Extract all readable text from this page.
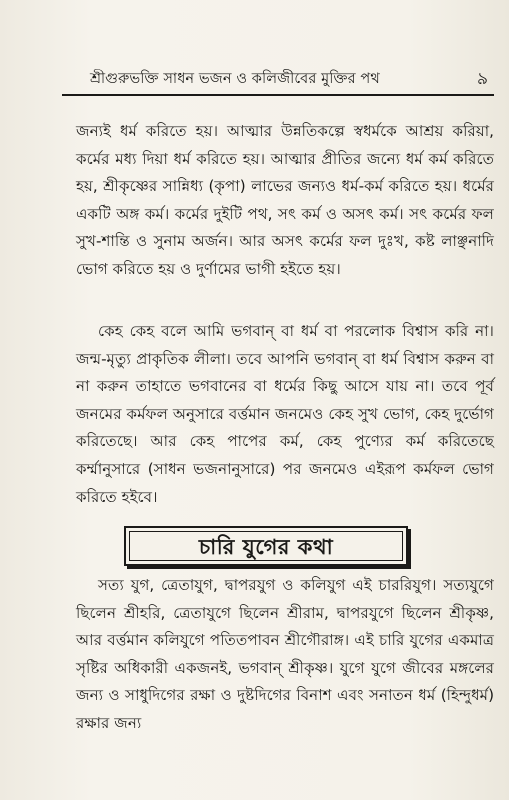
শ্রীগুরুভক্তি সাধন ভজন ও কলিজীবের মুক্তির পথ	৯

জন্যই ধর্ম করিতে হয়। আত্মার উন্নতিকল্পে স্বধর্মকে আশ্রয় করিয়া, কর্মের মধ্য দিয়া ধর্ম করিতে হয়। আত্মার প্রীতির জন্যে ধর্ম কর্ম করিতে হয়, শ্রীকৃষ্ণের সান্নিধ্য (কৃপা) লাভের জন্যও ধর্ম-কর্ম করিতে হয়। ধর্মের একটি অঙ্গ কর্ম। কর্মের দুইটি পথ, সৎ কর্ম ও অসৎ কর্ম। সৎ কর্মের ফল সুখ-শান্তি ও সুনাম অর্জন। আর অসৎ কর্মের ফল দুঃখ, কষ্ট লাঞ্ছনাদি ভোগ করিতে হয় ও দুর্ণামের ভাগী হইতে হয়।

কেহ কেহ বলে আমি ভগবান্ বা ধর্ম বা পরলোক বিশ্বাস করি না। জন্ম-মৃত্যু প্রাকৃতিক লীলা। তবে আপনি ভগবান্ বা ধর্ম বিশ্বাস করুন বা না করুন তাহাতে ভগবানের বা ধর্মের কিছু আসে যায় না। তবে পূর্ব জনমের কর্মফল অনুসারে বর্ত্তমান জনমেও কেহ সুখ ভোগ, কেহ দুর্ভোগ করিতেছে। আর কেহ পাপের কর্ম, কেহ পুণ্যের কর্ম করিতেছে কর্ম্মানুসারে (সাধন ভজনানুসারে) পর জনমেও এইরূপ কর্মফল ভোগ করিতে হইবে।

চারি যুগের কথা

সত্য যুগ, ত্রেতাযুগ, দ্বাপরযুগ ও কলিযুগ এই চাররিযুগ। সত্যযুগে ছিলেন শ্রীহরি, ত্রেতাযুগে ছিলেন শ্রীরাম, দ্বাপরযুগে ছিলেন শ্রীকৃষ্ণ, আর বর্ত্তমান কলিযুগে পতিতপাবন শ্রীগৌরাঙ্গ। এই চারি যুগের একমাত্র সৃষ্টির অধিকারী একজনই, ভগবান্ শ্রীকৃষ্ণ। যুগে যুগে জীবের মঙ্গলের জন্য ও সাধুদিগের রক্ষা ও দুষ্টদিগের বিনাশ এবং সনাতন ধর্ম (হিন্দুধর্ম) রক্ষার জন্য
